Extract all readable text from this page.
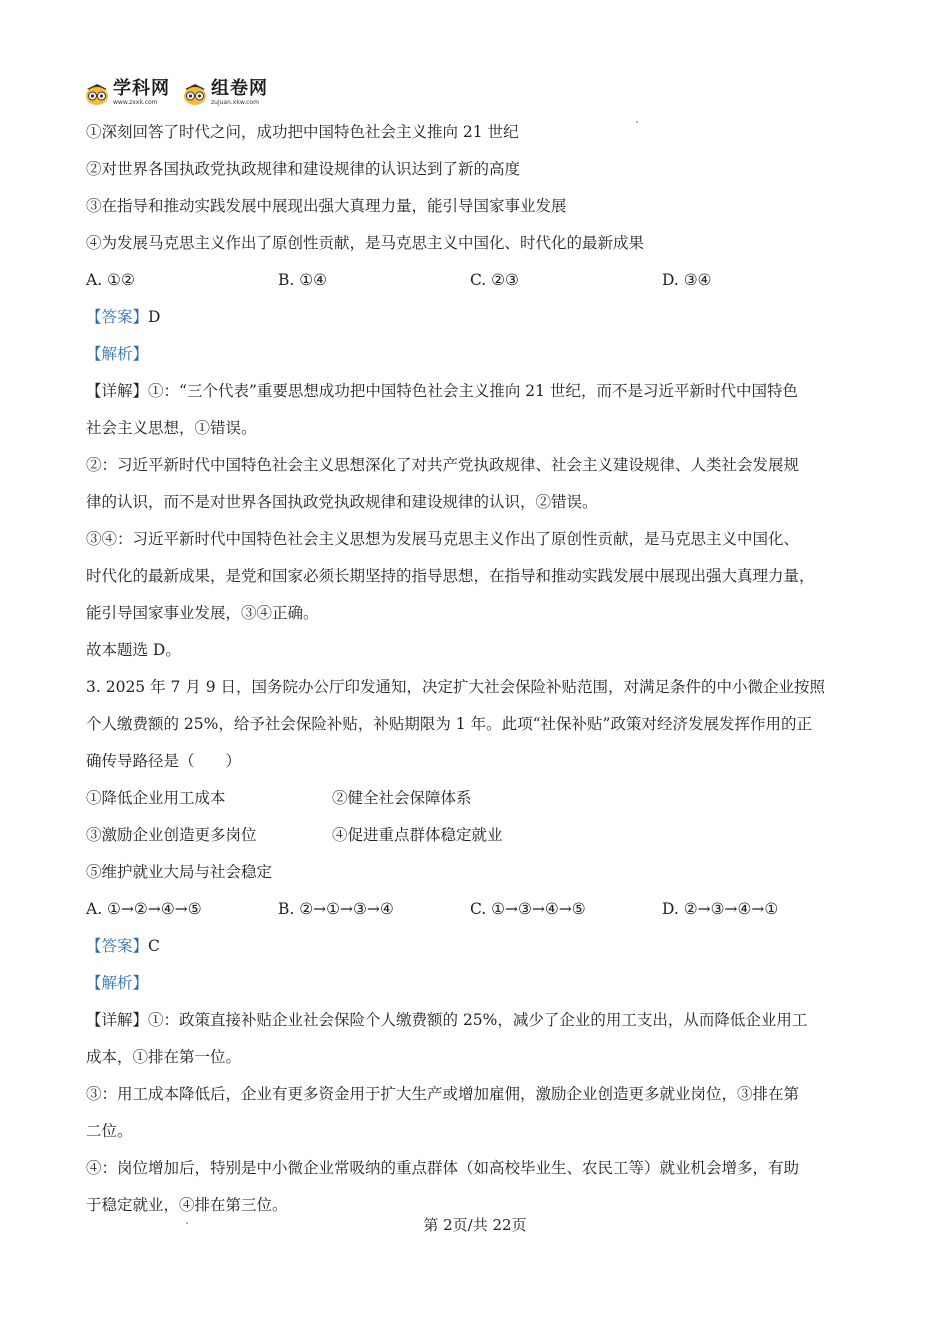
学科网
www.zxxk.com
组卷网
zujuan.xkw.com
①深刻回答了时代之问，成功把中国特色社会主义推向 21 世纪
②对世界各国执政党执政规律和建设规律的认识达到了新的高度
③在指导和推动实践发展中展现出强大真理力量，能引导国家事业发展
④为发展马克思主义作出了原创性贡献，是马克思主义中国化、时代化的最新成果
A. ①②	B. ①④	C. ②③	D. ③④
【答案】D
【解析】
【详解】①：“三个代表”重要思想成功把中国特色社会主义推向 21 世纪，而不是习近平新时代中国特色
社会主义思想，①错误。
②：习近平新时代中国特色社会主义思想深化了对共产党执政规律、社会主义建设规律、人类社会发展规
律的认识，而不是对世界各国执政党执政规律和建设规律的认识，②错误。
③④：习近平新时代中国特色社会主义思想为发展马克思主义作出了原创性贡献，是马克思主义中国化、
时代化的最新成果，是党和国家必须长期坚持的指导思想，在指导和推动实践发展中展现出强大真理力量，
能引导国家事业发展，③④正确。
故本题选 D。
3. 2025 年 7 月 9 日，国务院办公厅印发通知，决定扩大社会保险补贴范围，对满足条件的中小微企业按照
个人缴费额的 25%，给予社会保险补贴，补贴期限为 1 年。此项“社保补贴”政策对经济发展发挥作用的正
确传导路径是（　　）
①降低企业用工成本	②健全社会保障体系
③激励企业创造更多岗位	④促进重点群体稳定就业
⑤维护就业大局与社会稳定
A. ①→②→④→⑤	B. ②→①→③→④	C. ①→③→④→⑤	D. ②→③→④→①
【答案】C
【解析】
【详解】①：政策直接补贴企业社会保险个人缴费额的 25%，减少了企业的用工支出，从而降低企业用工
成本，①排在第一位。
③：用工成本降低后，企业有更多资金用于扩大生产或增加雇佣，激励企业创造更多就业岗位，③排在第
二位。
④：岗位增加后，特别是中小微企业常吸纳的重点群体（如高校毕业生、农民工等）就业机会增多，有助
于稳定就业，④排在第三位。
第 2页/共 22页
